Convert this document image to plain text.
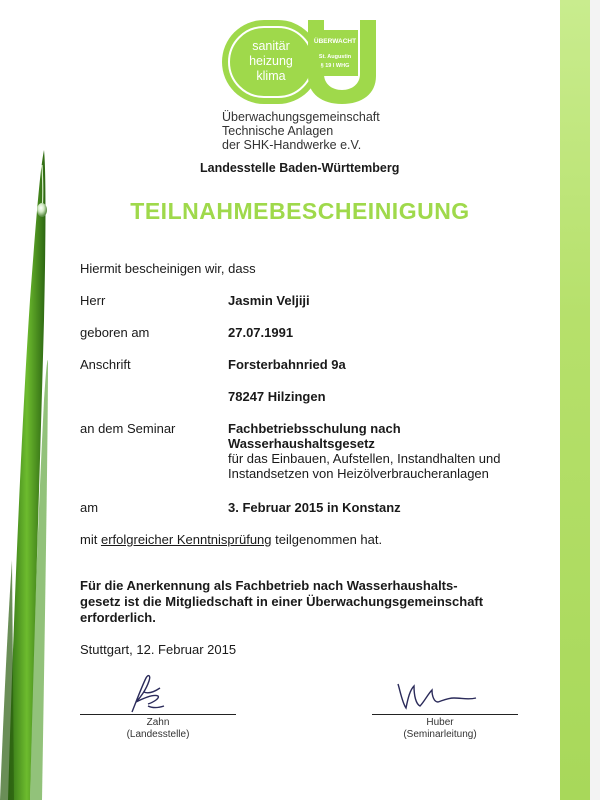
sanitär
heizung
klima
ÜBERWACHT
St. Augustin
§ 19 l WHG
Überwachungsgemeinschaft
Technische Anlagen
der SHK-Handwerke e.V.
Landesstelle Baden-Württemberg
TEILNAHMEBESCHEINIGUNG
Hiermit bescheinigen wir, dass
Herr	Jasmin Veljiji
geboren am	27.07.1991
Anschrift	Forsterbahnried 9a
78247 Hilzingen
an dem Seminar	Fachbetriebsschulung nach
Wasserhaushaltsgesetz
für das Einbauen, Aufstellen, Instandhalten und
Instandsetzen von Heizölverbraucheranlagen
am	3. Februar 2015 in Konstanz
mit erfolgreicher Kenntnisprüfung teilgenommen hat.
Für die Anerkennung als Fachbetrieb nach Wasserhaushalts-
gesetz ist die Mitgliedschaft in einer Überwachungsgemeinschaft
erforderlich.
Stuttgart, 12. Februar 2015
Zahn
(Landesstelle)
Huber
(Seminarleitung)
